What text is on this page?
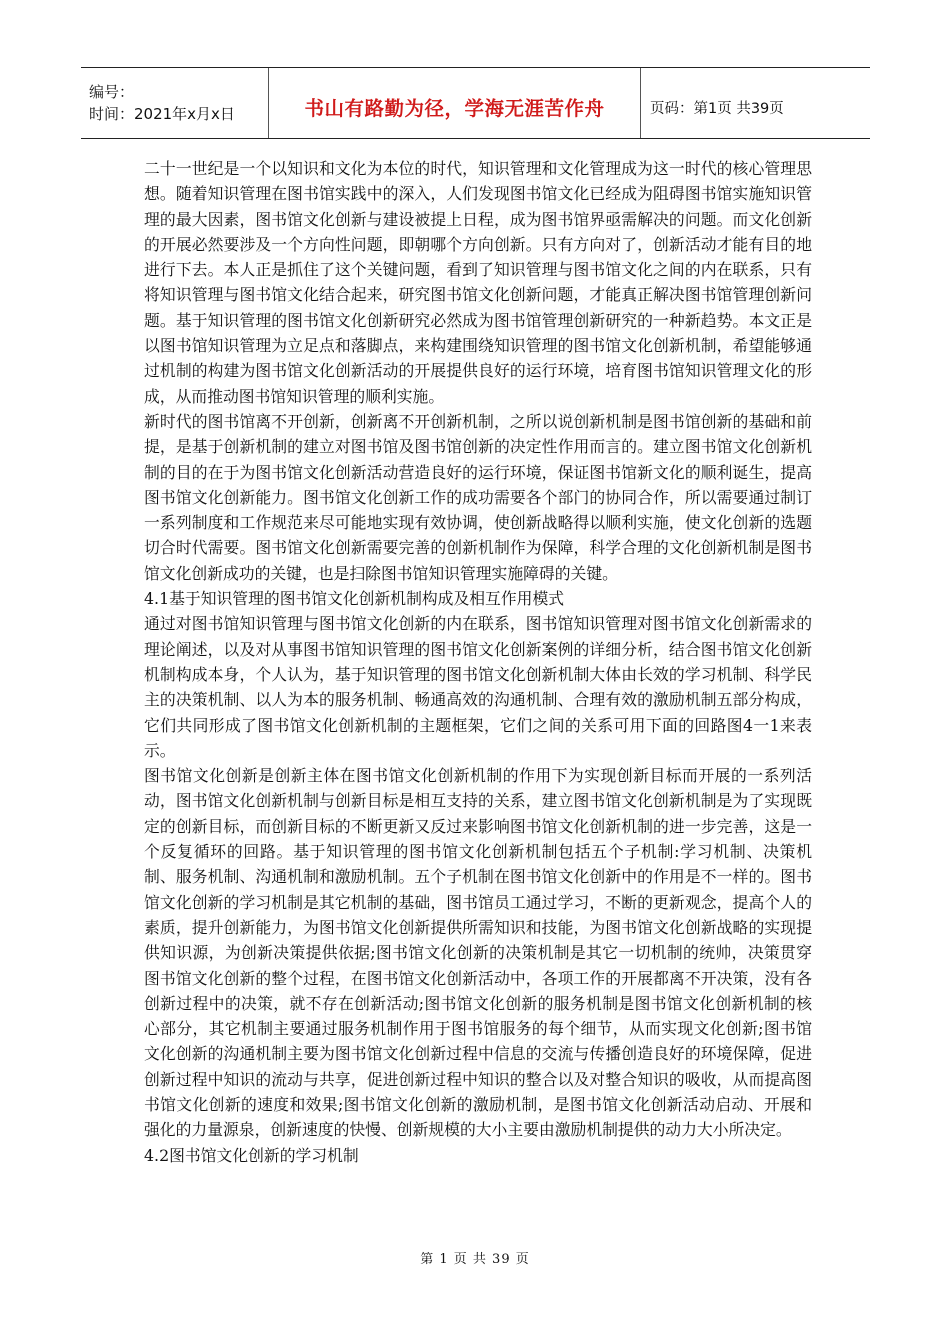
编号：
时间：2021年x月x日	书山有路勤为径，学海无涯苦作舟	页码：第1页 共39页

二十一世纪是一个以知识和文化为本位的时代，知识管理和文化管理成为这一时代的核心管理思想。随着知识管理在图书馆实践中的深入，人们发现图书馆文化已经成为阻碍图书馆实施知识管理的最大因素，图书馆文化创新与建设被提上日程，成为图书馆界亟需解决的问题。而文化创新的开展必然要涉及一个方向性问题，即朝哪个方向创新。只有方向对了，创新活动才能有目的地进行下去。本人正是抓住了这个关键问题，看到了知识管理与图书馆文化之间的内在联系，只有将知识管理与图书馆文化结合起来，研究图书馆文化创新问题，才能真正解决图书馆管理创新问题。基于知识管理的图书馆文化创新研究必然成为图书馆管理创新研究的一种新趋势。本文正是以图书馆知识管理为立足点和落脚点，来构建围绕知识管理的图书馆文化创新机制，希望能够通过机制的构建为图书馆文化创新活动的开展提供良好的运行环境，培育图书馆知识管理文化的形成，从而推动图书馆知识管理的顺利实施。

新时代的图书馆离不开创新，创新离不开创新机制，之所以说创新机制是图书馆创新的基础和前提，是基于创新机制的建立对图书馆及图书馆创新的决定性作用而言的。建立图书馆文化创新机制的目的在于为图书馆文化创新活动营造良好的运行环境，保证图书馆新文化的顺利诞生，提高图书馆文化创新能力。图书馆文化创新工作的成功需要各个部门的协同合作，所以需要通过制订一系列制度和工作规范来尽可能地实现有效协调，使创新战略得以顺利实施，使文化创新的选题切合时代需要。图书馆文化创新需要完善的创新机制作为保障，科学合理的文化创新机制是图书馆文化创新成功的关键，也是扫除图书馆知识管理实施障碍的关键。

4.1基于知识管理的图书馆文化创新机制构成及相互作用模式

通过对图书馆知识管理与图书馆文化创新的内在联系，图书馆知识管理对图书馆文化创新需求的理论阐述，以及对从事图书馆知识管理的图书馆文化创新案例的详细分析，结合图书馆文化创新机制构成本身，个人认为，基于知识管理的图书馆文化创新机制大体由长效的学习机制、科学民主的决策机制、以人为本的服务机制、畅通高效的沟通机制、合理有效的激励机制五部分构成，它们共同形成了图书馆文化创新机制的主题框架，它们之间的关系可用下面的回路图4一1来表示。

图书馆文化创新是创新主体在图书馆文化创新机制的作用下为实现创新目标而开展的一系列活动，图书馆文化创新机制与创新目标是相互支持的关系，建立图书馆文化创新机制是为了实现既定的创新目标，而创新目标的不断更新又反过来影响图书馆文化创新机制的进一步完善，这是一个反复循环的回路。基于知识管理的图书馆文化创新机制包括五个子机制:学习机制、决策机制、服务机制、沟通机制和激励机制。五个子机制在图书馆文化创新中的作用是不一样的。图书馆文化创新的学习机制是其它机制的基础，图书馆员工通过学习，不断的更新观念，提高个人的素质，提升创新能力，为图书馆文化创新提供所需知识和技能，为图书馆文化创新战略的实现提供知识源，为创新决策提供依据;图书馆文化创新的决策机制是其它一切机制的统帅，决策贯穿图书馆文化创新的整个过程，在图书馆文化创新活动中，各项工作的开展都离不开决策，没有各创新过程中的决策，就不存在创新活动;图书馆文化创新的服务机制是图书馆文化创新机制的核心部分，其它机制主要通过服务机制作用于图书馆服务的每个细节，从而实现文化创新;图书馆文化创新的沟通机制主要为图书馆文化创新过程中信息的交流与传播创造良好的环境保障，促进创新过程中知识的流动与共享，促进创新过程中知识的整合以及对整合知识的吸收，从而提高图书馆文化创新的速度和效果;图书馆文化创新的激励机制，是图书馆文化创新活动启动、开展和强化的力量源泉，创新速度的快慢、创新规模的大小主要由激励机制提供的动力大小所决定。

4.2图书馆文化创新的学习机制

第 1 页 共 39 页
